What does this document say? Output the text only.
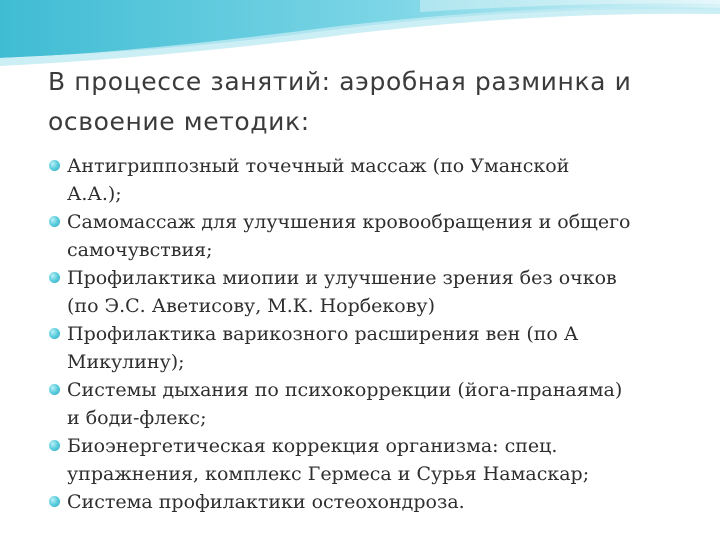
В процессе занятий: аэробная разминка и
освоение методик:
Антигриппозный точечный массаж (по Уманской
А.А.);
Самомассаж для улучшения кровообращения и общего
самочувствия;
Профилактика миопии и улучшение зрения без очков
(по Э.С. Аветисову, М.К. Норбекову)
Профилактика варикозного расширения вен (по А
Микулину);
Системы дыхания по психокоррекции (йога-пранаяма)
и боди-флекс;
Биоэнергетическая коррекция организма: спец.
упражнения, комплекс Гермеса и Сурья Намаскар;
Система профилактики остеохондроза.
